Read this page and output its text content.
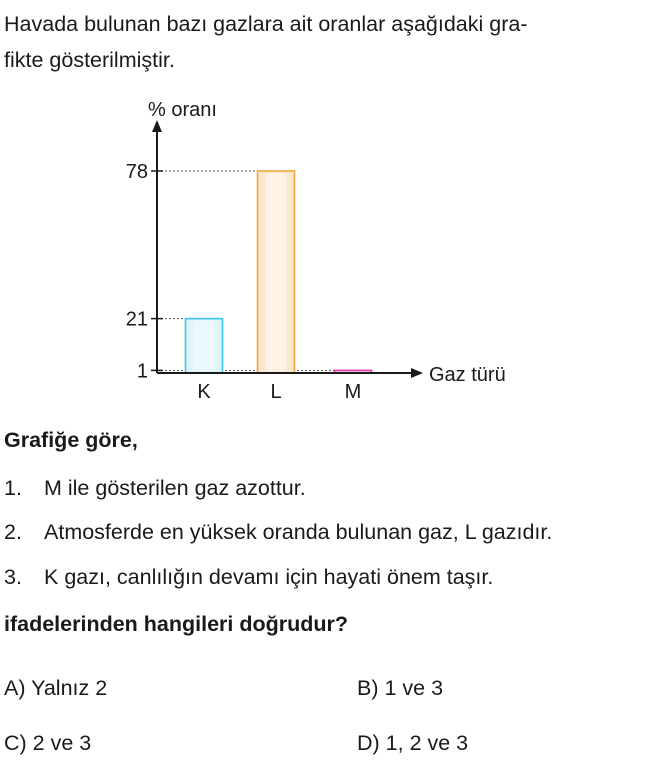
Havada bulunan bazı gazlara ait oranlar aşağıdaki gra-
fikte gösterilmiştir.

1
21
78
K	L	M
% oranı
Gaz türü

Grafiğe göre,

1. M ile gösterilen gaz azottur.

2. Atmosferde en yüksek oranda bulunan gaz, L gazıdır.

3. K gazı, canlılığın devamı için hayati önem taşır.

ifadelerinden hangileri doğrudur?

A) Yalnız 2	B) 1 ve 3
C) 2 ve 3	D) 1, 2 ve 3
